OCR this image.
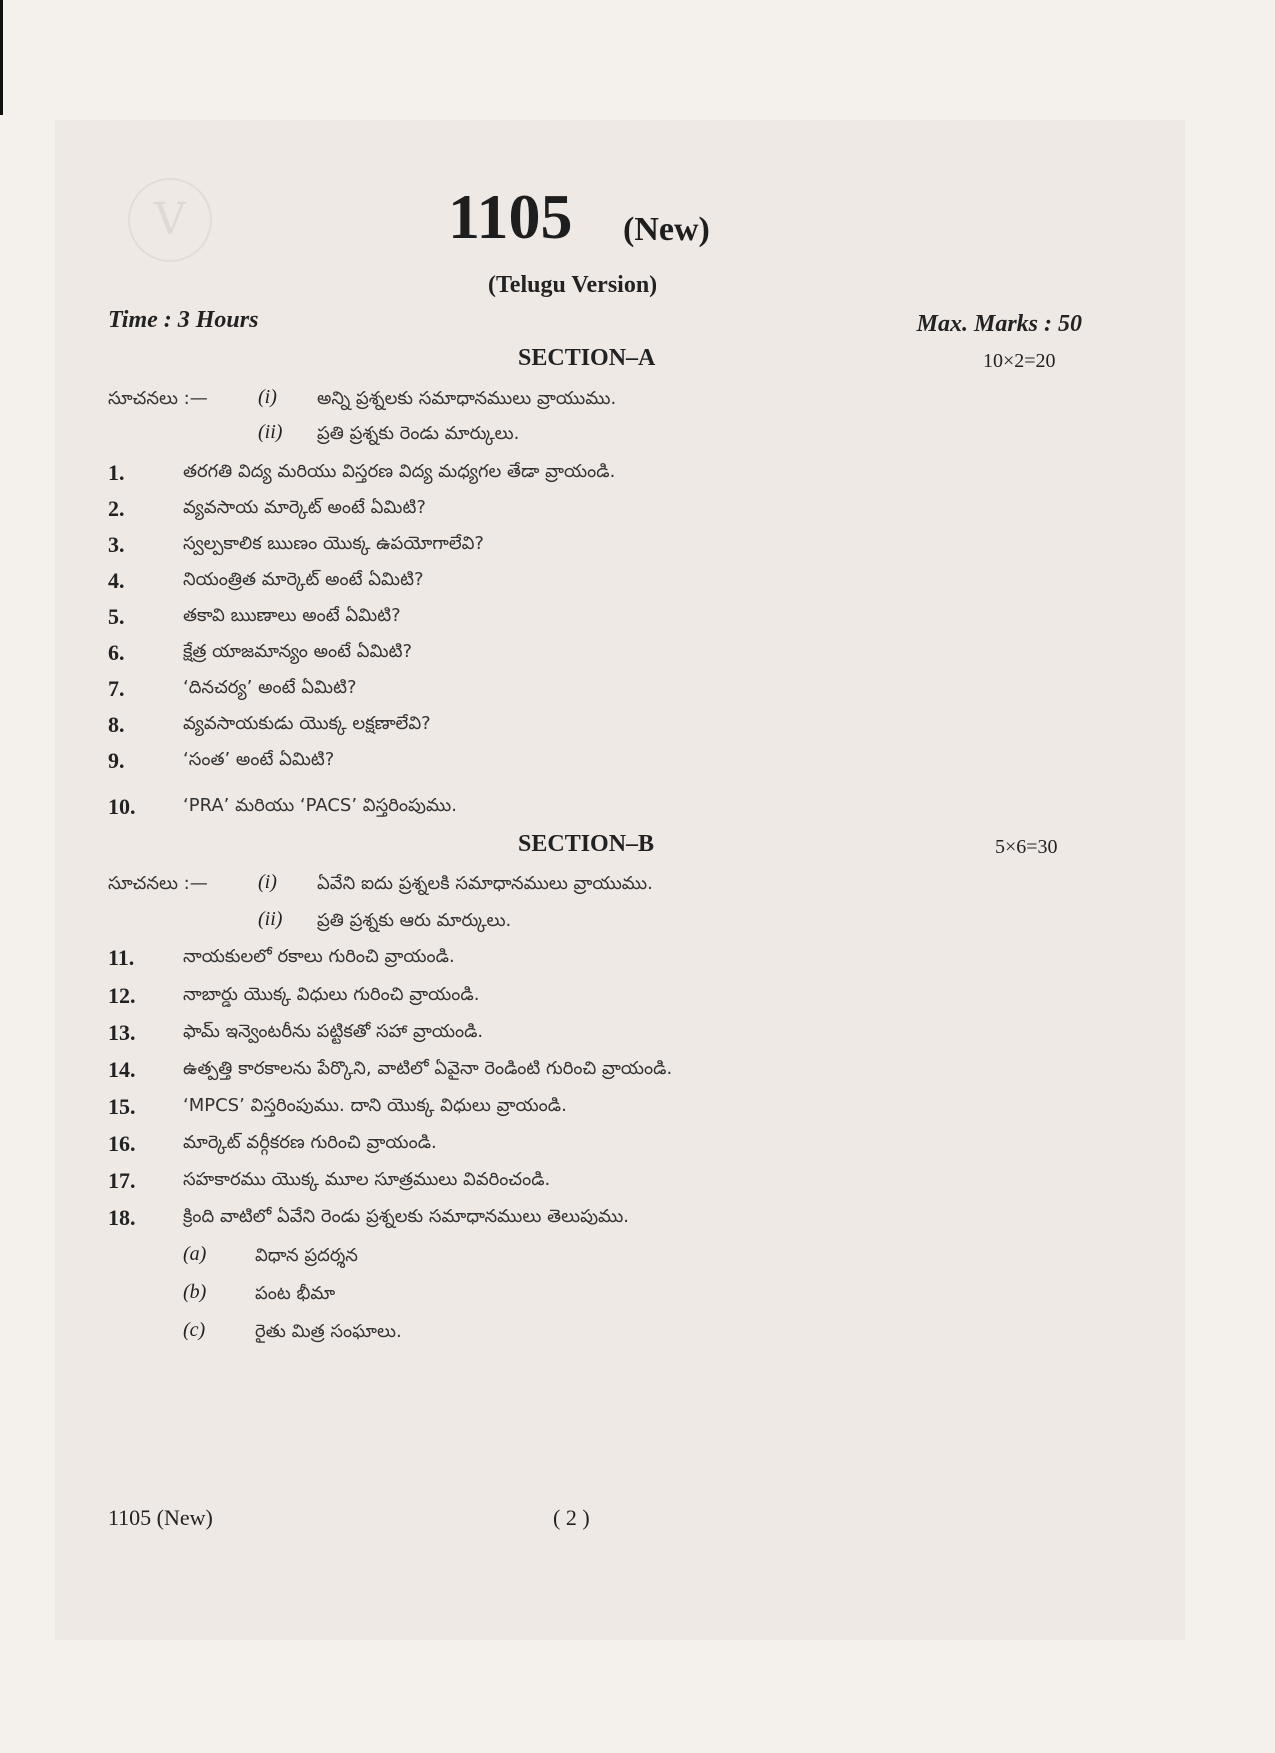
V	1105 (New)
(Telugu Version)
Time : 3 Hours	Max. Marks : 50
SECTION–A	10×2=20
సూచనలు :—	(i) అన్ని ప్రశ్నలకు సమాధానములు వ్రాయుము.
(ii) ప్రతి ప్రశ్నకు రెండు మార్కులు.
1.	తరగతి విద్య మరియు విస్తరణ విద్య మధ్యగల తేడా వ్రాయండి.
2.	వ్యవసాయ మార్కెట్ అంటే ఏమిటి?
3.	స్వల్పకాలిక ఋణం యొక్క ఉపయోగాలేవి?
4.	నియంత్రిత మార్కెట్ అంటే ఏమిటి?
5.	తకావి ఋణాలు అంటే ఏమిటి?
6.	క్షేత్ర యాజమాన్యం అంటే ఏమిటి?
7.	‘దినచర్య’ అంటే ఏమిటి?
8.	వ్యవసాయకుడు యొక్క లక్షణాలేవి?
9.	‘సంత’ అంటే ఏమిటి?
10.	‘PRA’ మరియు ‘PACS’ విస్తరింపుము.
SECTION–B	5×6=30
సూచనలు :—	(i) ఏవేని ఐదు ప్రశ్నలకి సమాధానములు వ్రాయుము.
(ii) ప్రతి ప్రశ్నకు ఆరు మార్కులు.
11.	నాయకులలో రకాలు గురించి వ్రాయండి.
12.	నాబార్డు యొక్క విధులు గురించి వ్రాయండి.
13.	ఫామ్ ఇన్వెంటరీను పట్టికతో సహా వ్రాయండి.
14.	ఉత్పత్తి కారకాలను పేర్కొని, వాటిలో ఏవైనా రెండింటి గురించి వ్రాయండి.
15.	‘MPCS’ విస్తరింపుము. దాని యొక్క విధులు వ్రాయండి.
16.	మార్కెట్ వర్గీకరణ గురించి వ్రాయండి.
17.	సహకారము యొక్క మూల సూత్రములు వివరించండి.
18.	క్రింది వాటిలో ఏవేని రెండు ప్రశ్నలకు సమాధానములు తెలుపుము.
(a)	విధాన ప్రదర్శన
(b)	పంట భీమా
(c)	రైతు మిత్ర సంఘాలు.
1105 (New)	( 2 )
